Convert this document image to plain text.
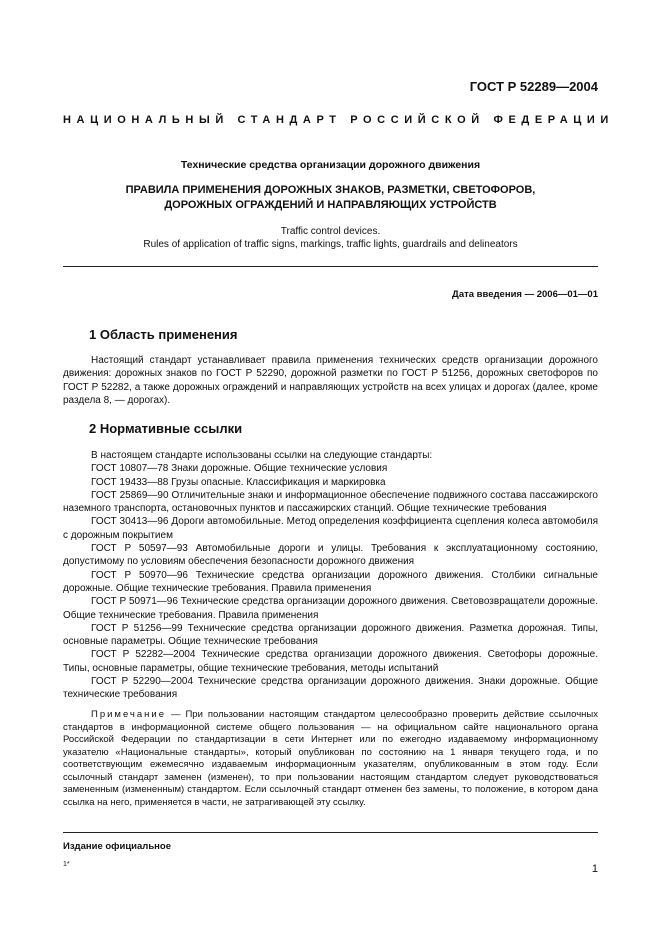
ГОСТ Р 52289—2004
НАЦИОНАЛЬНЫЙ СТАНДАРТ РОССИЙСКОЙ ФЕДЕРАЦИИ
Технические средства организации дорожного движения
ПРАВИЛА ПРИМЕНЕНИЯ ДОРОЖНЫХ ЗНАКОВ, РАЗМЕТКИ, СВЕТОФОРОВ,
ДОРОЖНЫХ ОГРАЖДЕНИЙ И НАПРАВЛЯЮЩИХ УСТРОЙСТВ
Traffic control devices.
Rules of application of traffic signs, markings, traffic lights, guardrails and delineators
Дата введения — 2006—01—01
1 Область применения

Настоящий стандарт устанавливает правила применения технических средств организации дорожного движения: дорожных знаков по ГОСТ Р 52290, дорожной разметки по ГОСТ Р 51256, дорожных светофоров по ГОСТ Р 52282, а также дорожных ограждений и направляющих устройств на всех улицах и дорогах (далее, кроме раздела 8, — дорогах).

2 Нормативные ссылки

В настоящем стандарте использованы ссылки на следующие стандарты:

ГОСТ 10807—78 Знаки дорожные. Общие технические условия

ГОСТ 19433—88 Грузы опасные. Классификация и маркировка

ГОСТ 25869—90 Отличительные знаки и информационное обеспечение подвижного состава пассажирского наземного транспорта, остановочных пунктов и пассажирских станций. Общие технические требования

ГОСТ 30413—96 Дороги автомобильные. Метод определения коэффициента сцепления колеса автомобиля с дорожным покрытием

ГОСТ Р 50597—93 Автомобильные дороги и улицы. Требования к эксплуатационному состоянию, допустимому по условиям обеспечения безопасности дорожного движения

ГОСТ Р 50970—96 Технические средства организации дорожного движения. Столбики сигнальные дорожные. Общие технические требования. Правила применения

ГОСТ Р 50971—96 Технические средства организации дорожного движения. Световозвращатели дорожные. Общие технические требования. Правила применения

ГОСТ Р 51256—99 Технические средства организации дорожного движения. Разметка дорожная. Типы, основные параметры. Общие технические требования

ГОСТ Р 52282—2004 Технические средства организации дорожного движения. Светофоры дорожные. Типы, основные параметры, общие технические требования, методы испытаний

ГОСТ Р 52290—2004 Технические средства организации дорожного движения. Знаки дорожные. Общие технические требования

Примечание — При пользовании настоящим стандартом целесообразно проверить действие ссылочных стандартов в информационной системе общего пользования — на официальном сайте национального органа Российской Федерации по стандартизации в сети Интернет или по ежегодно издаваемому информационному указателю «Национальные стандарты», который опубликован по состоянию на 1 января текущего года, и по соответствующим ежемесячно издаваемым информационным указателям, опубликованным в этом году. Если ссылочный стандарт заменен (изменен), то при пользовании настоящим стандартом следует руководствоваться замененным (измененным) стандартом. Если ссылочный стандарт отменен без замены, то положение, в котором дана ссылка на него, применяется в части, не затрагивающей эту ссылку.

Издание официальное
1*	1
